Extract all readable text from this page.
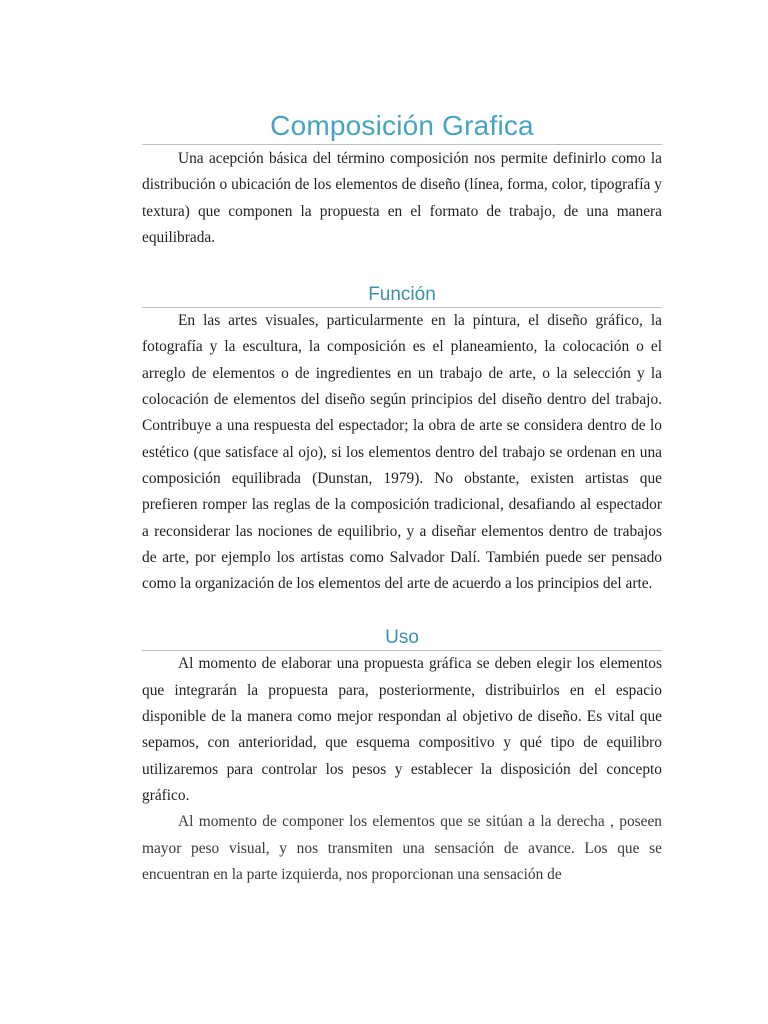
Composición Grafica

Una acepción básica del término composición nos permite definirlo como la distribución o ubicación de los elementos de diseño (línea, forma, color, tipografía y textura) que componen la propuesta en el formato de trabajo, de una manera equilibrada.

Función

En las artes visuales, particularmente en la pintura, el diseño gráfico, la fotografía y la escultura, la composición es el planeamiento, la colocación o el arreglo de elementos o de ingredientes en un trabajo de arte, o la selección y la colocación de elementos del diseño según principios del diseño dentro del trabajo. Contribuye a una respuesta del espectador; la obra de arte se considera dentro de lo estético (que satisface al ojo), si los elementos dentro del trabajo se ordenan en una composición equilibrada (Dunstan, 1979). No obstante, existen artistas que prefieren romper las reglas de la composición tradicional, desafiando al espectador a reconsiderar las nociones de equilibrio, y a diseñar elementos dentro de trabajos de arte, por ejemplo los artistas como Salvador Dalí. También puede ser pensado como la organización de los elementos del arte de acuerdo a los principios del arte.

Uso

Al momento de elaborar una propuesta gráfica se deben elegir los elementos que integrarán la propuesta para, posteriormente, distribuirlos en el espacio disponible de la manera como mejor respondan al objetivo de diseño. Es vital que sepamos, con anterioridad, que esquema compositivo y qué tipo de equilibro utilizaremos para controlar los pesos y establecer la disposición del concepto gráfico.

Al momento de componer los elementos que se sitúan a la derecha , poseen mayor peso visual, y nos transmiten una sensación de avance. Los que se encuentran en la parte izquierda, nos proporcionan una sensación de
